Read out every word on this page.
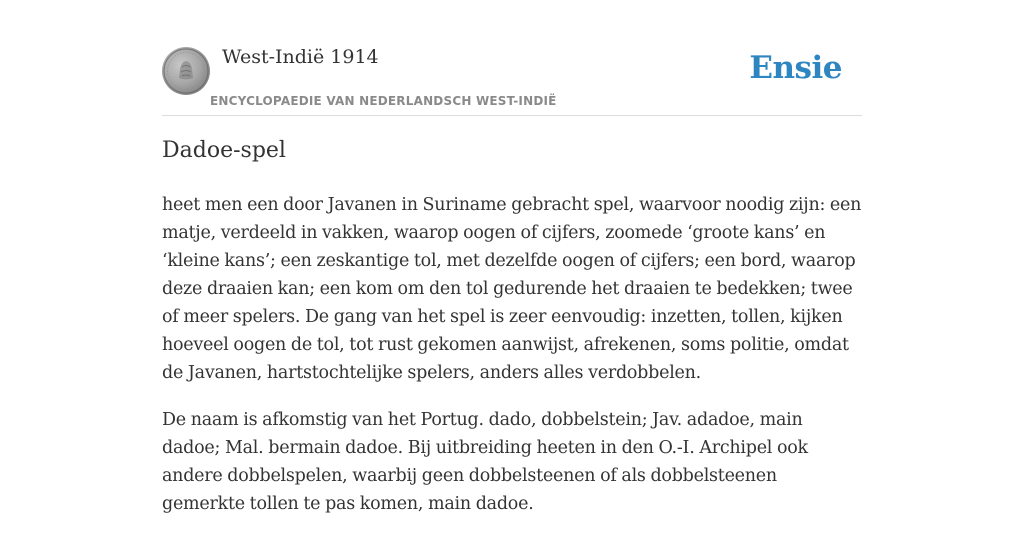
West-Indië 1914
ENCYCLOPAEDIE VAN NEDERLANDSCH WEST-INDIË
Ensie
Dadoe-spel

heet men een door Javanen in Suriname gebracht spel, waarvoor noodig zijn: een matje, verdeeld in vakken, waarop oogen of cijfers, zoomede ‘groote kans’ en ‘kleine kans’; een zeskantige tol, met dezelfde oogen of cijfers; een bord, waarop deze draaien kan; een kom om den tol gedurende het draaien te bedekken; twee of meer spelers. De gang van het spel is zeer eenvoudig: inzetten, tollen, kijken hoeveel oogen de tol, tot rust gekomen aanwijst, afrekenen, soms politie, omdat de Javanen, hartstochtelijke spelers, anders alles verdobbelen.

De naam is afkomstig van het Portug. dado, dobbelstein; Jav. adadoe, main dadoe; Mal. bermain dadoe. Bij uitbreiding heeten in den O.-I. Archipel ook andere dobbelspelen, waarbij geen dobbelsteenen of als dobbelsteenen gemerkte tollen te pas komen, main dadoe.
